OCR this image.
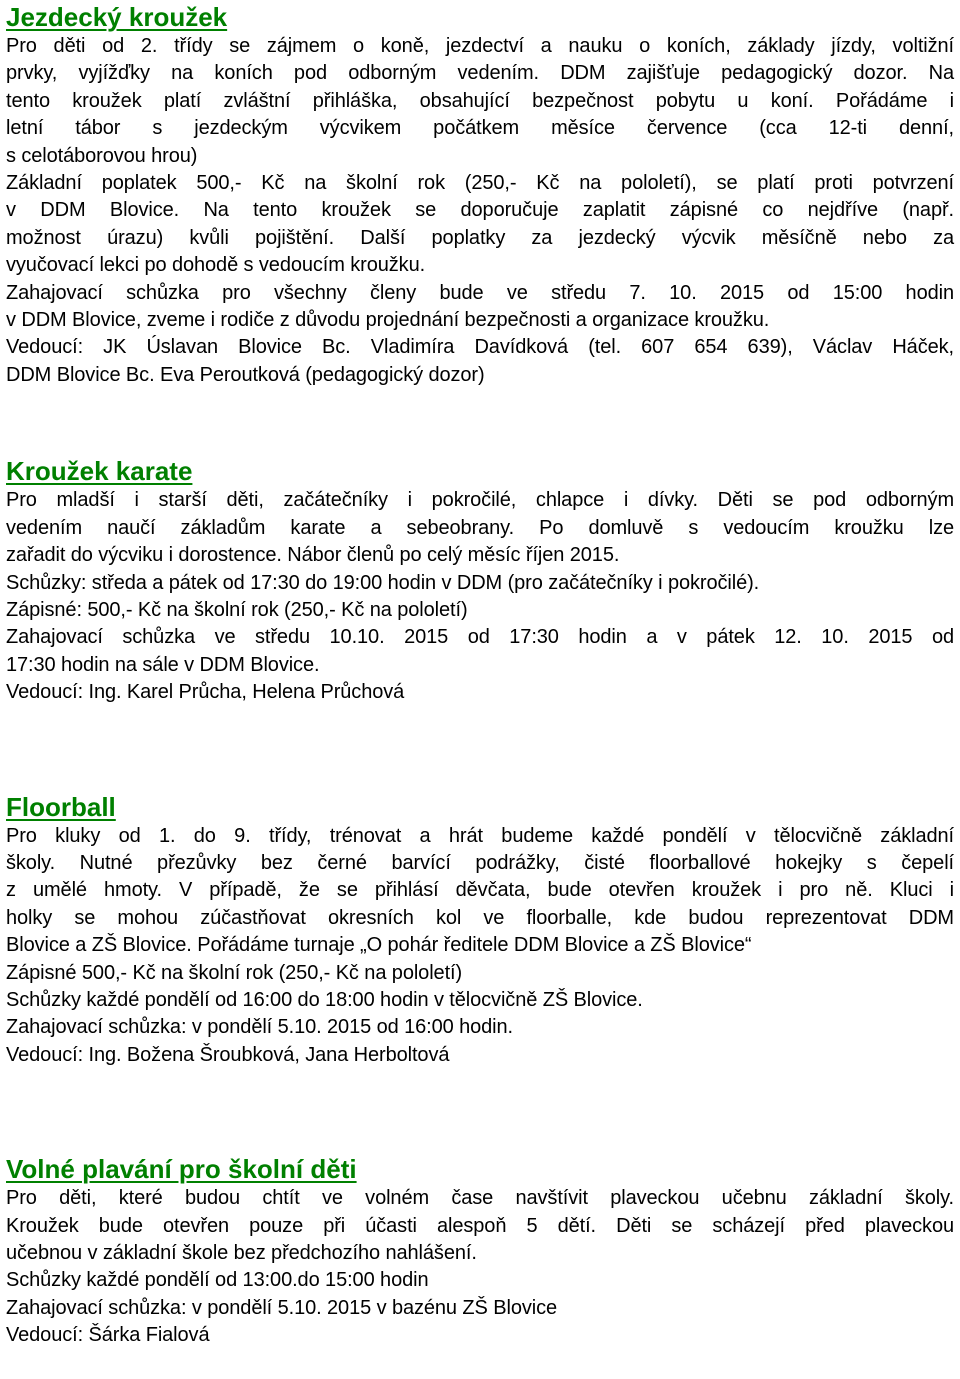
Jezdecký kroužek

Pro děti od 2. třídy se zájmem o koně, jezdectví a nauku o koních, základy jízdy, voltižní
prvky, vyjížďky na koních pod odborným vedením. DDM zajišťuje pedagogický dozor. Na
tento kroužek platí zvláštní přihláška, obsahující bezpečnost pobytu u koní. Pořádáme i
letní tábor s jezdeckým výcvikem počátkem měsíce července (cca 12-ti denní,
s celotáborovou hrou)
Základní poplatek 500,- Kč na školní rok (250,- Kč na pololetí), se platí proti potvrzení
v DDM Blovice. Na tento kroužek se doporučuje zaplatit zápisné co nejdříve (např.
možnost úrazu) kvůli pojištění. Další poplatky za jezdecký výcvik měsíčně nebo za
vyučovací lekci po dohodě s vedoucím kroužku.
Zahajovací schůzka pro všechny členy bude ve středu 7. 10. 2015 od 15:00 hodin
v DDM Blovice, zveme i rodiče z důvodu projednání bezpečnosti a organizace kroužku.
Vedoucí: JK Úslavan Blovice Bc. Vladimíra Davídková (tel. 607 654 639), Václav Háček,
DDM Blovice Bc. Eva Peroutková (pedagogický dozor)

Kroužek karate

Pro mladší i starší děti, začátečníky i pokročilé, chlapce i dívky. Děti se pod odborným
vedením naučí základům karate a sebeobrany. Po domluvě s vedoucím kroužku lze
zařadit do výcviku i dorostence. Nábor členů po celý měsíc říjen 2015.
Schůzky: středa a pátek od 17:30 do 19:00 hodin v DDM (pro začátečníky i pokročilé).
Zápisné: 500,- Kč na školní rok (250,- Kč na pololetí)
Zahajovací schůzka ve středu 10.10. 2015 od 17:30 hodin a v pátek 12. 10. 2015 od
17:30 hodin na sále v DDM Blovice.
Vedoucí: Ing. Karel Průcha, Helena Průchová

Floorball

Pro kluky od 1. do 9. třídy, trénovat a hrát budeme každé pondělí v tělocvičně základní
školy. Nutné přezůvky bez černé barvící podrážky, čisté floorballové hokejky s čepelí
z umělé hmoty. V případě, že se přihlásí děvčata, bude otevřen kroužek i pro ně. Kluci i
holky se mohou zúčastňovat okresních kol ve floorballe, kde budou reprezentovat DDM
Blovice a ZŠ Blovice. Pořádáme turnaje „O pohár ředitele DDM Blovice a ZŠ Blovice“
Zápisné 500,- Kč na školní rok (250,- Kč na pololetí)
Schůzky každé pondělí od 16:00 do 18:00 hodin v tělocvičně ZŠ Blovice.
Zahajovací schůzka: v pondělí 5.10. 2015 od 16:00 hodin.
Vedoucí: Ing. Božena Šroubková, Jana Herboltová

Volné plavání pro školní děti

Pro děti, které budou chtít ve volném čase navštívit plaveckou učebnu základní školy.
Kroužek bude otevřen pouze při účasti alespoň 5 dětí. Děti se scházejí před plaveckou
učebnou v základní škole bez předchozího nahlášení.
Schůzky každé pondělí od 13:00.do 15:00 hodin
Zahajovací schůzka: v pondělí 5.10. 2015 v bazénu ZŠ Blovice
Vedoucí: Šárka Fialová
